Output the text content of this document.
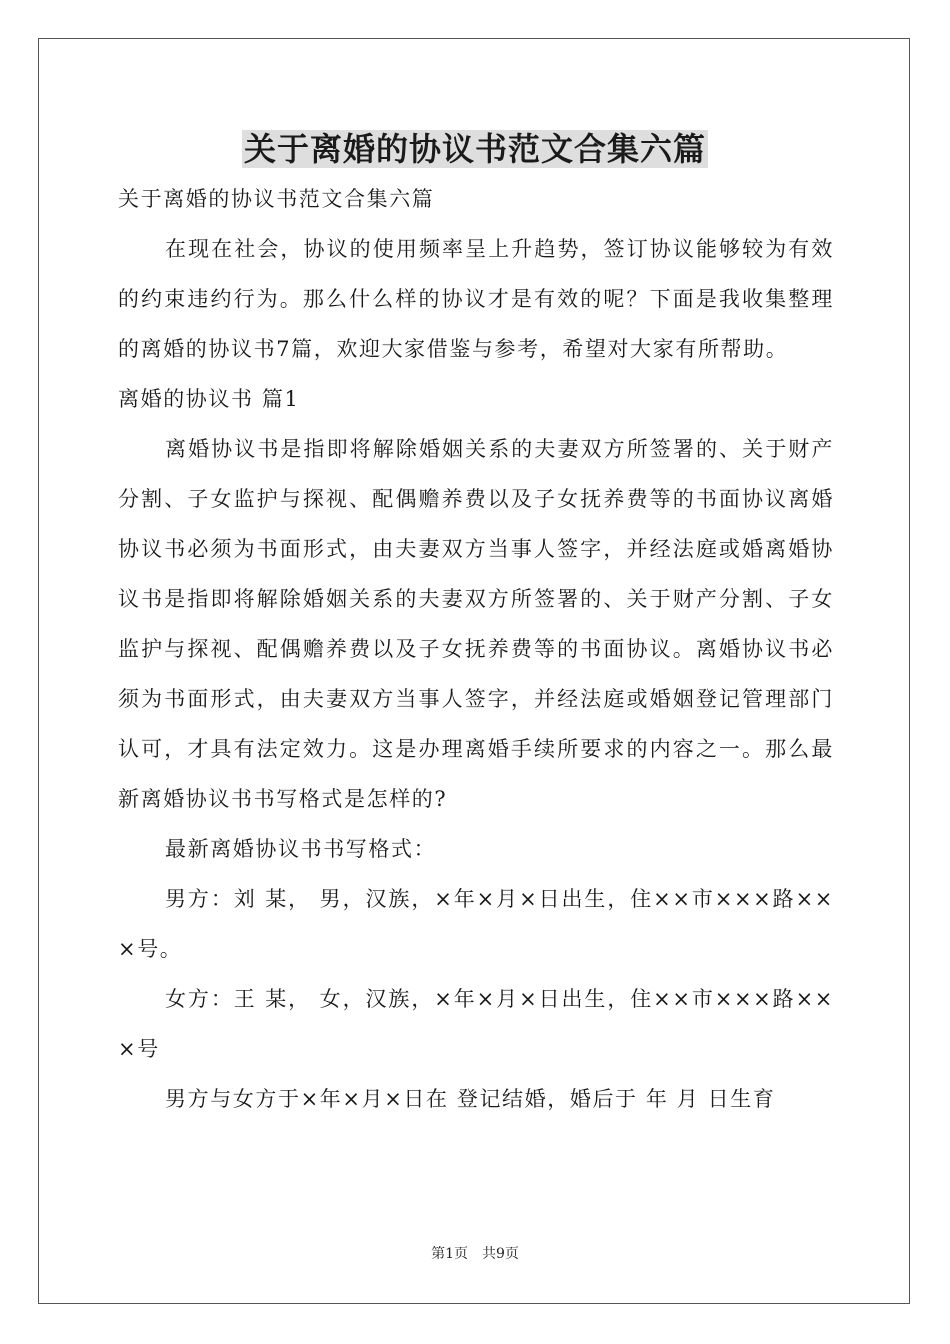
关于离婚的协议书范文合集六篇

关于离婚的协议书范文合集六篇

在现在社会，协议的使用频率呈上升趋势，签订协议能够较为有效的约束违约行为。那么什么样的协议才是有效的呢？下面是我收集整理的离婚的协议书7篇，欢迎大家借鉴与参考，希望对大家有所帮助。

离婚的协议书 篇1

离婚协议书是指即将解除婚姻关系的夫妻双方所签署的、关于财产分割、子女监护与探视、配偶赡养费以及子女抚养费等的书面协议离婚协议书必须为书面形式，由夫妻双方当事人签字，并经法庭或婚离婚协议书是指即将解除婚姻关系的夫妻双方所签署的、关于财产分割、子女监护与探视、配偶赡养费以及子女抚养费等的书面协议。离婚协议书必须为书面形式，由夫妻双方当事人签字，并经法庭或婚姻登记管理部门认可，才具有法定效力。这是办理离婚手续所要求的内容之一。那么最新离婚协议书书写格式是怎样的?

最新离婚协议书书写格式：

男方：刘 某， 男，汉族，×年×月×日出生，住××市×××路×××号。

女方：王 某， 女，汉族，×年×月×日出生，住××市×××路×××号

男方与女方于×年×月×日在 登记结婚，婚后于 年 月 日生育

第1页 共9页
